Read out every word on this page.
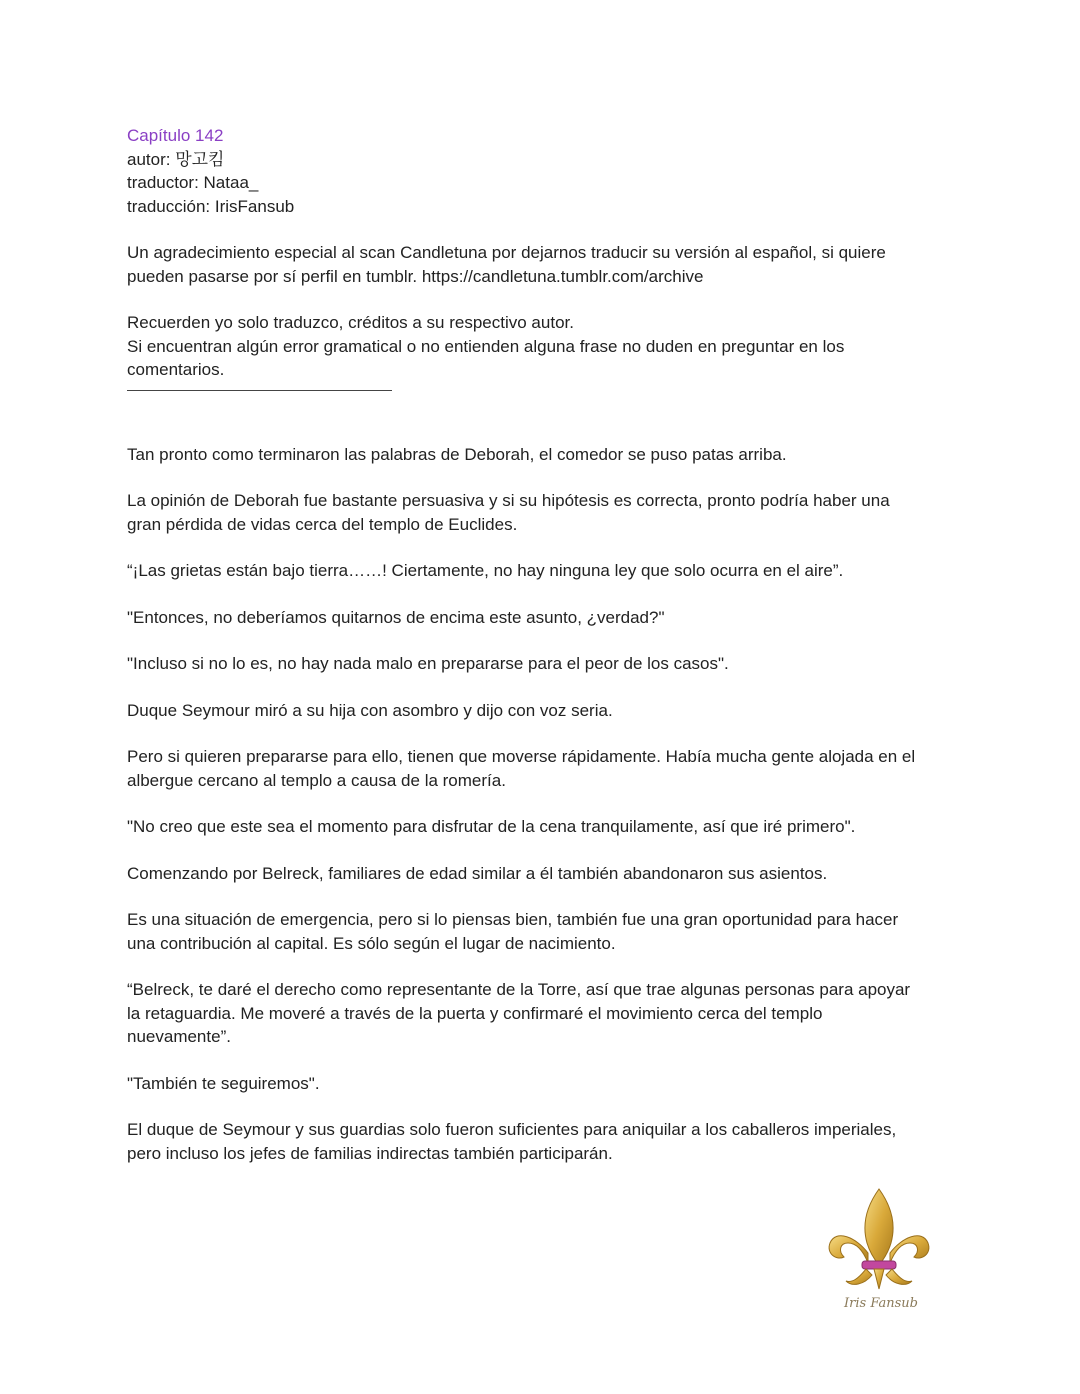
Capítulo 142
autor: 망고킴
traductor: Nataa_
traducción: IrisFansub
Un agradecimiento especial al scan Candletuna por dejarnos traducir su versión al español, si quiere
pueden pasarse por sí perfil en tumblr. https://candletuna.tumblr.com/archive
Recuerden yo solo traduzco, créditos a su respectivo autor.
Si encuentran algún error gramatical o no entienden alguna frase no duden en preguntar en los
comentarios.

Tan pronto como terminaron las palabras de Deborah, el comedor se puso patas arriba.

La opinión de Deborah fue bastante persuasiva y si su hipótesis es correcta, pronto podría haber una
gran pérdida de vidas cerca del templo de Euclides.

“¡Las grietas están bajo tierra……! Ciertamente, no hay ninguna ley que solo ocurra en el aire”.

"Entonces, no deberíamos quitarnos de encima este asunto, ¿verdad?"

"Incluso si no lo es, no hay nada malo en prepararse para el peor de los casos".

Duque Seymour miró a su hija con asombro y dijo con voz seria.

Pero si quieren prepararse para ello, tienen que moverse rápidamente. Había mucha gente alojada en el
albergue cercano al templo a causa de la romería.

"No creo que este sea el momento para disfrutar de la cena tranquilamente, así que iré primero".

Comenzando por Belreck, familiares de edad similar a él también abandonaron sus asientos.

Es una situación de emergencia, pero si lo piensas bien, también fue una gran oportunidad para hacer
una contribución al capital. Es sólo según el lugar de nacimiento.

“Belreck, te daré el derecho como representante de la Torre, así que trae algunas personas para apoyar
la retaguardia. Me moveré a través de la puerta y confirmaré el movimiento cerca del templo
nuevamente”.

"También te seguiremos".

El duque de Seymour y sus guardias solo fueron suficientes para aniquilar a los caballeros imperiales,
pero incluso los jefes de familias indirectas también participarán.

Iris Fansub
